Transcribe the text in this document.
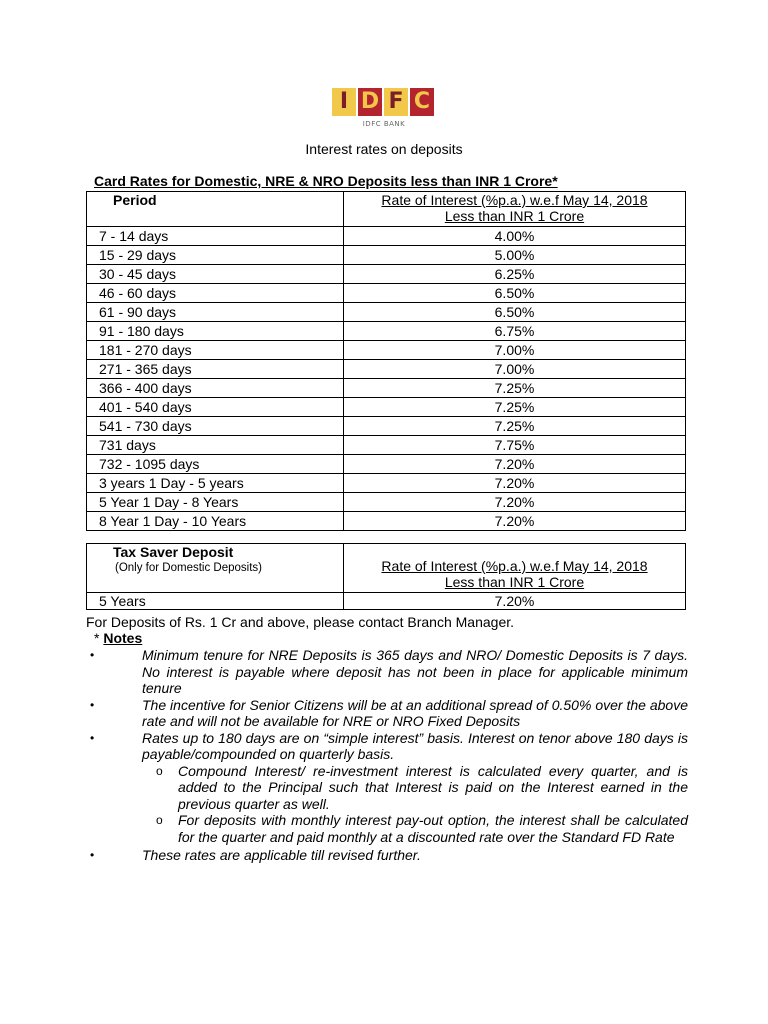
I D F C
IDFC BANK
Interest rates on deposits
Card Rates for Domestic, NRE & NRO Deposits less than INR 1 Crore*
Period	Rate of Interest (%p.a.) w.e.f May 14, 2018
Less than INR 1 Crore

7 - 14 days	4.00%
15 - 29 days	5.00%
30 - 45 days	6.25%
46 - 60 days	6.50%
61 - 90 days	6.50%
91 - 180 days	6.75%
181 - 270 days	7.00%
271 - 365 days	7.00%
366 - 400 days	7.25%
401 - 540 days	7.25%
541 - 730 days	7.25%
731 days	7.75%
732 - 1095 days	7.20%
3 years 1 Day - 5 years	7.20%
5 Year 1 Day - 8 Years	7.20%
8 Year 1 Day - 10 Years	7.20%
Tax Saver Deposit
(Only for Domestic Deposits)	Rate of Interest (%p.a.) w.e.f May 14, 2018
Less than INR 1 Crore

5 Years	7.20%
For Deposits of Rs. 1 Cr and above, please contact Branch Manager.
* Notes
•	Minimum tenure for NRE Deposits is 365 days and NRO/ Domestic Deposits is 7 days. No interest is payable where deposit has not been in place for applicable minimum tenure
•	The incentive for Senior Citizens will be at an additional spread of 0.50% over the above rate and will not be available for NRE or NRO Fixed Deposits
•	Rates up to 180 days are on “simple interest” basis. Interest on tenor above 180 days is payable/compounded on quarterly basis.
o Compound Interest/ re-investment interest is calculated every quarter, and is added to the Principal such that Interest is paid on the Interest earned in the previous quarter as well.
o For deposits with monthly interest pay-out option, the interest shall be calculated for the quarter and paid monthly at a discounted rate over the Standard FD Rate
•	These rates are applicable till revised further.
